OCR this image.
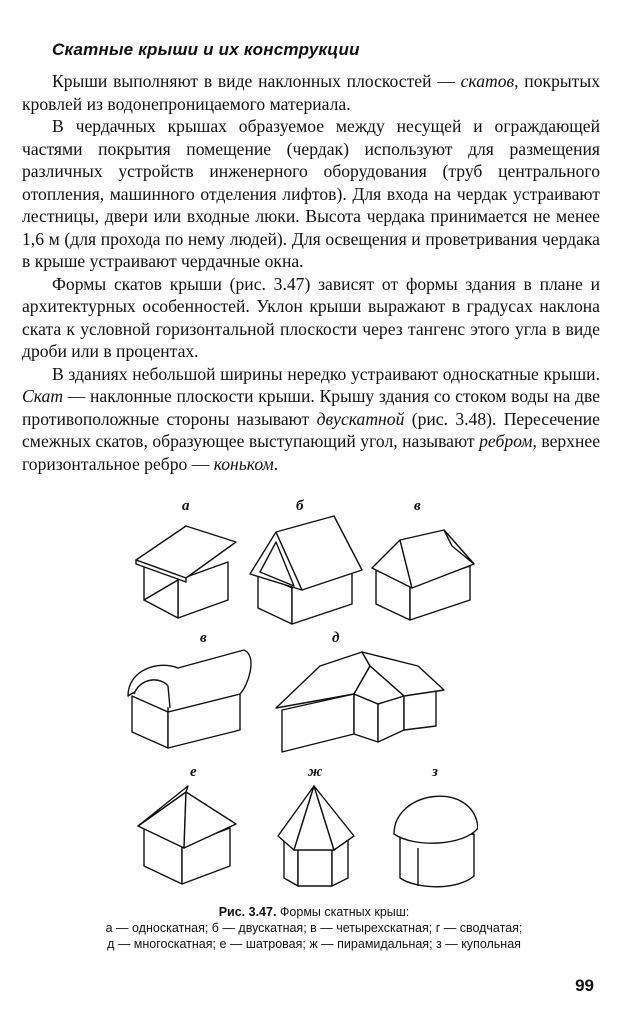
Скатные крыши и их конструкции

Крыши выполняют в виде наклонных плоскостей — скатов, покрытых кровлей из водонепроницаемого материала.

В чердачных крышах образуемое между несущей и ограждающей частями покрытия помещение (чердак) используют для размещения различных устройств инженерного оборудования (труб центрального отопления, машинного отделения лифтов). Для входа на чердак устраивают лестницы, двери или входные люки. Высота чердака принимается не менее 1,6 м (для прохода по нему людей). Для освещения и проветривания чердака в крыше устраивают чердачные окна.

Формы скатов крыши (рис. 3.47) зависят от формы здания в плане и архитектурных особенностей. Уклон крыши выражают в градусах наклона ската к условной горизонтальной плоскости через тангенс этого угла в виде дроби или в процентах.

В зданиях небольшой ширины нередко устраивают односкатные крыши. Скат — наклонные плоскости крыши. Крышу здания со стоком воды на две противоположные стороны называют двускатной (рис. 3.48). Пересечение смежных скатов, образующее выступающий угол, называют ребром, верхнее горизонтальное ребро — коньком.

а	б	в
в	д
е	ж	з
Рис. 3.47. Формы скатных крыш:
а — односкатная; б — двускатная; в — четырехскатная; г — сводчатая;
д — многоскатная; е — шатровая; ж — пирамидальная; з — купольная
99
